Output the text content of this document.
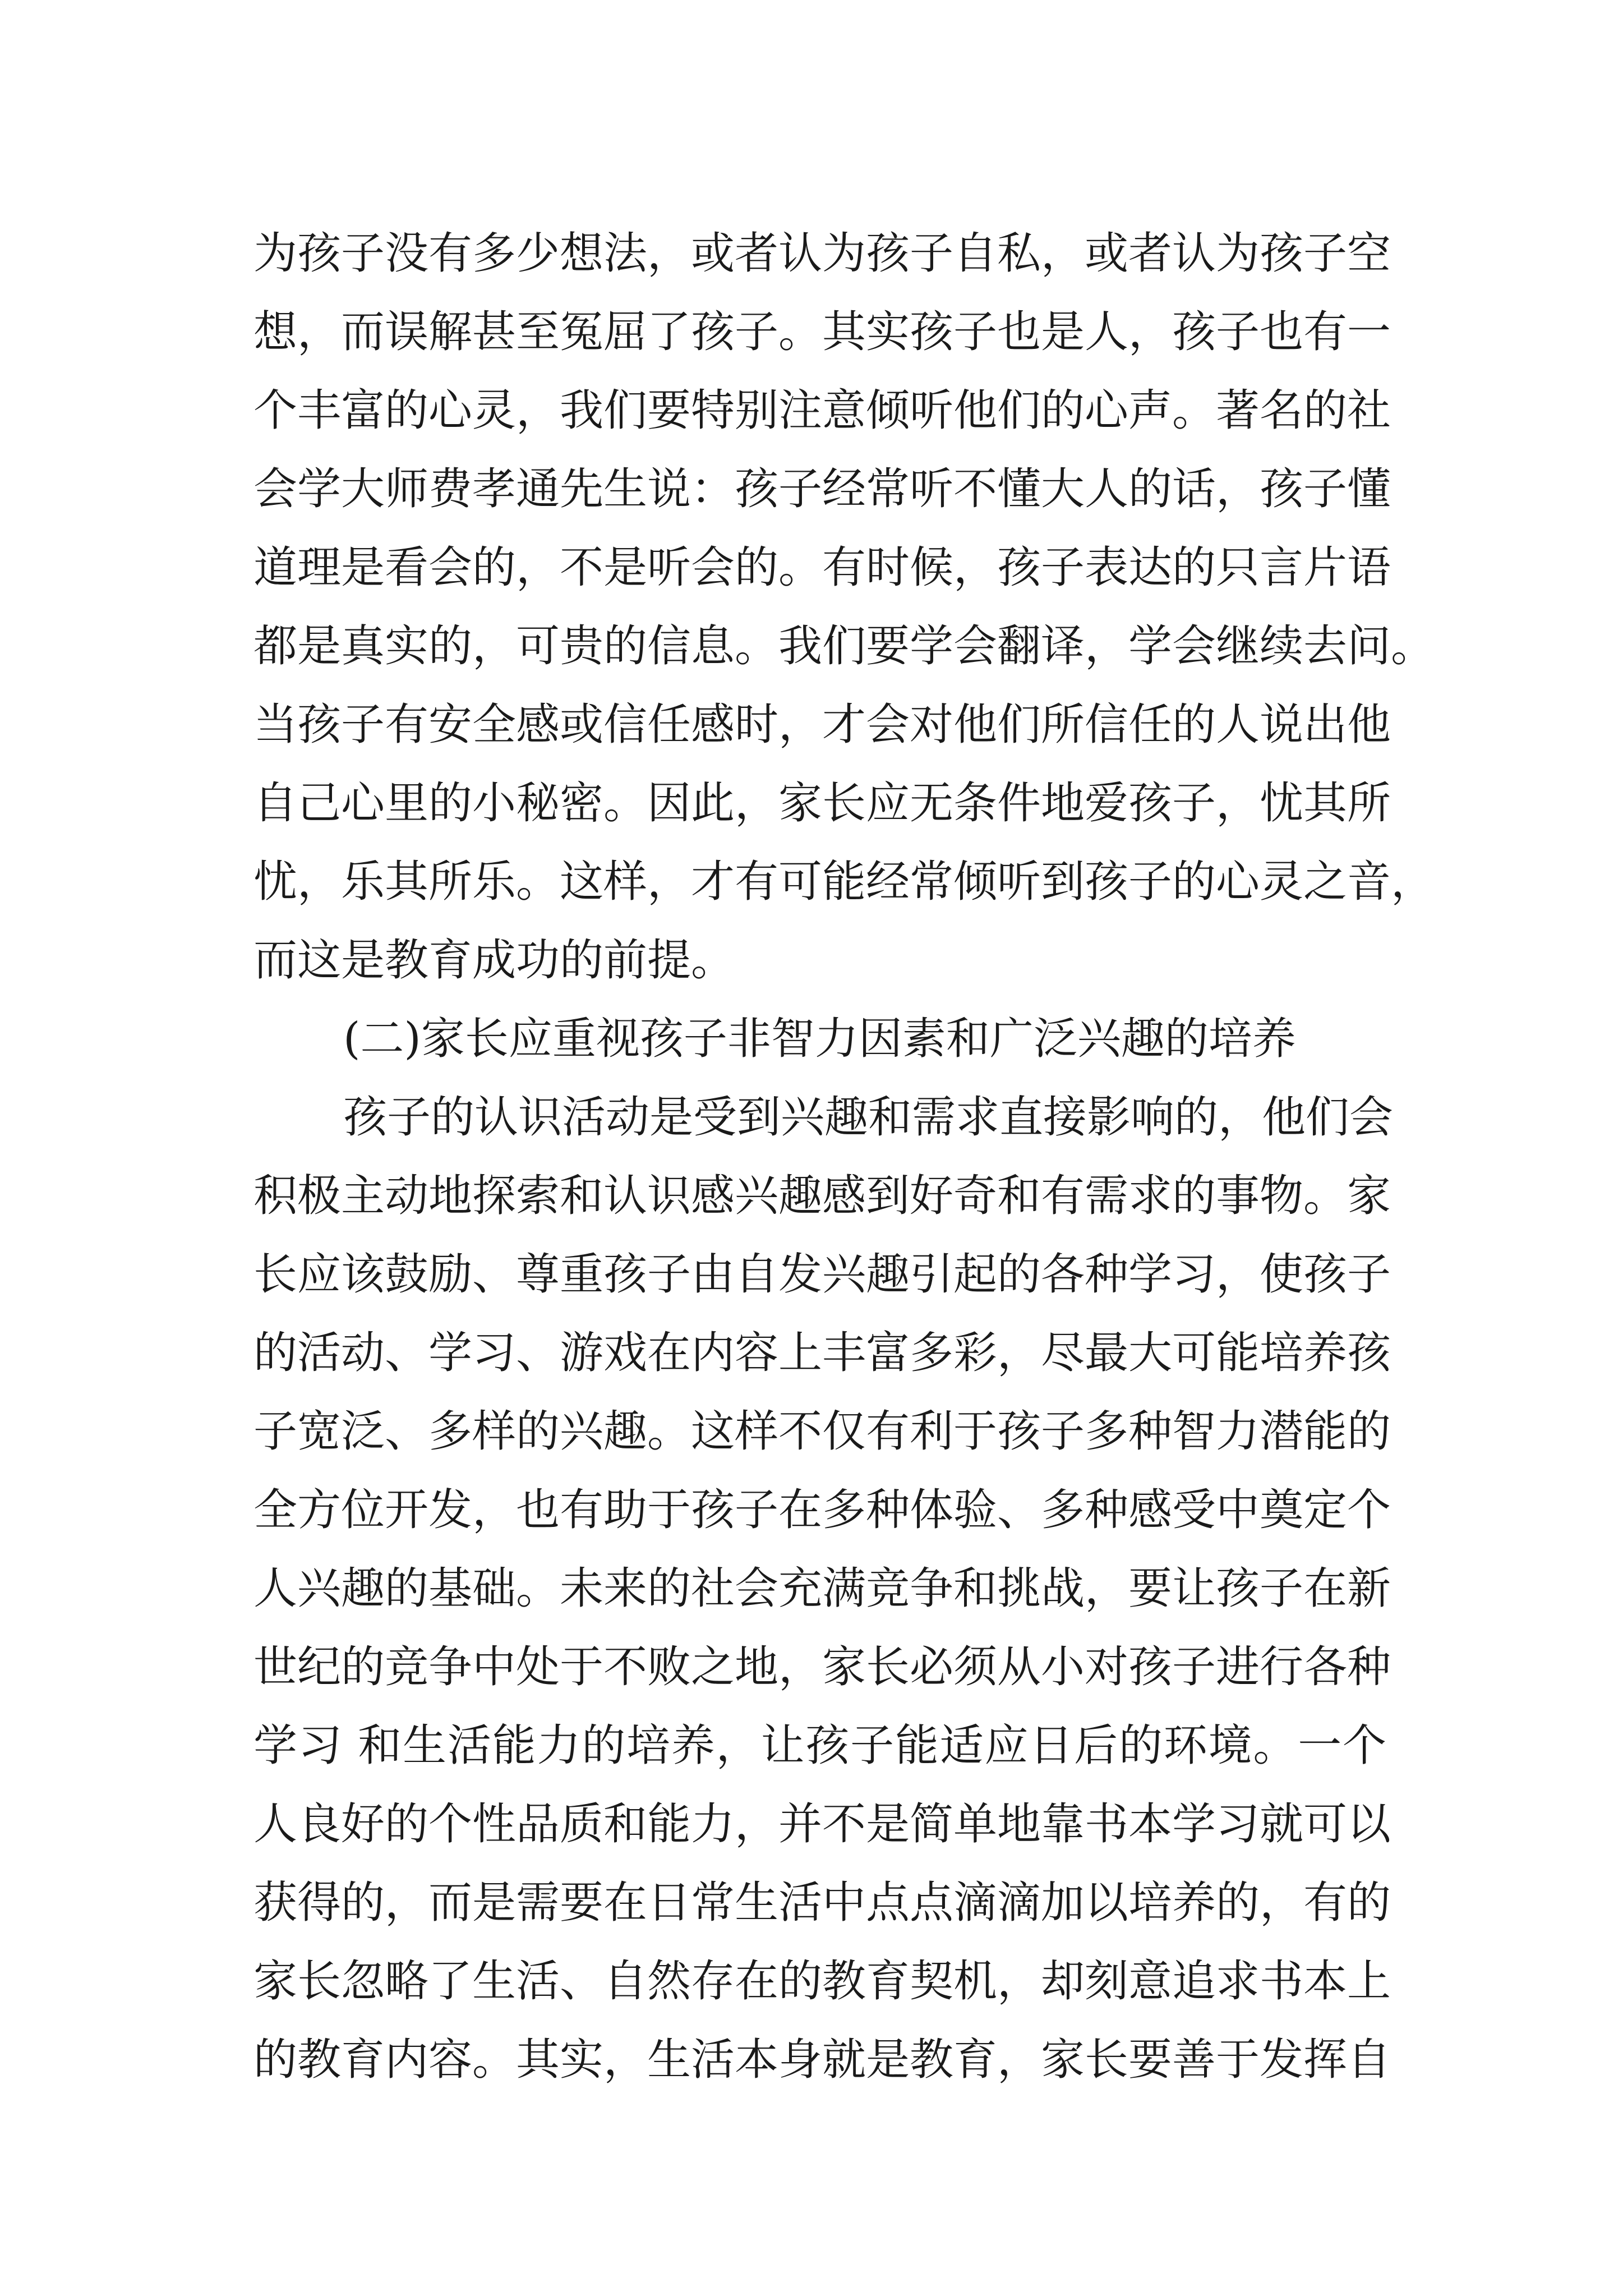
为孩子没有多少想法，或者认为孩子自私，或者认为孩子空
想，而误解甚至冤屈了孩子。其实孩子也是人，孩子也有一
个丰富的心灵，我们要特别注意倾听他们的心声。著名的社
会学大师费孝通先生说：孩子经常听不懂大人的话，孩子懂
道理是看会的，不是听会的。有时候，孩子表达的只言片语
都是真实的，可贵的信息。我们要学会翻译，学会继续去问。
当孩子有安全感或信任感时，才会对他们所信任的人说出他
自己心里的小秘密。因此，家长应无条件地爱孩子，忧其所
忧，乐其所乐。这样，才有可能经常倾听到孩子的心灵之音，
而这是教育成功的前提。
(二)家长应重视孩子非智力因素和广泛兴趣的培养
孩子的认识活动是受到兴趣和需求直接影响的，他们会
积极主动地探索和认识感兴趣感到好奇和有需求的事物。家
长应该鼓励、尊重孩子由自发兴趣引起的各种学习，使孩子
的活动、学习、游戏在内容上丰富多彩，尽最大可能培养孩
子宽泛、多样的兴趣。这样不仅有利于孩子多种智力潜能的
全方位开发，也有助于孩子在多种体验、多种感受中奠定个
人兴趣的基础。未来的社会充满竞争和挑战，要让孩子在新
世纪的竞争中处于不败之地，家长必须从小对孩子进行各种
学习 和生活能力的培养，让孩子能适应日后的环境。一个
人良好的个性品质和能力，并不是简单地靠书本学习就可以
获得的，而是需要在日常生活中点点滴滴加以培养的，有的
家长忽略了生活、自然存在的教育契机，却刻意追求书本上
的教育内容。其实，生活本身就是教育，家长要善于发挥自
